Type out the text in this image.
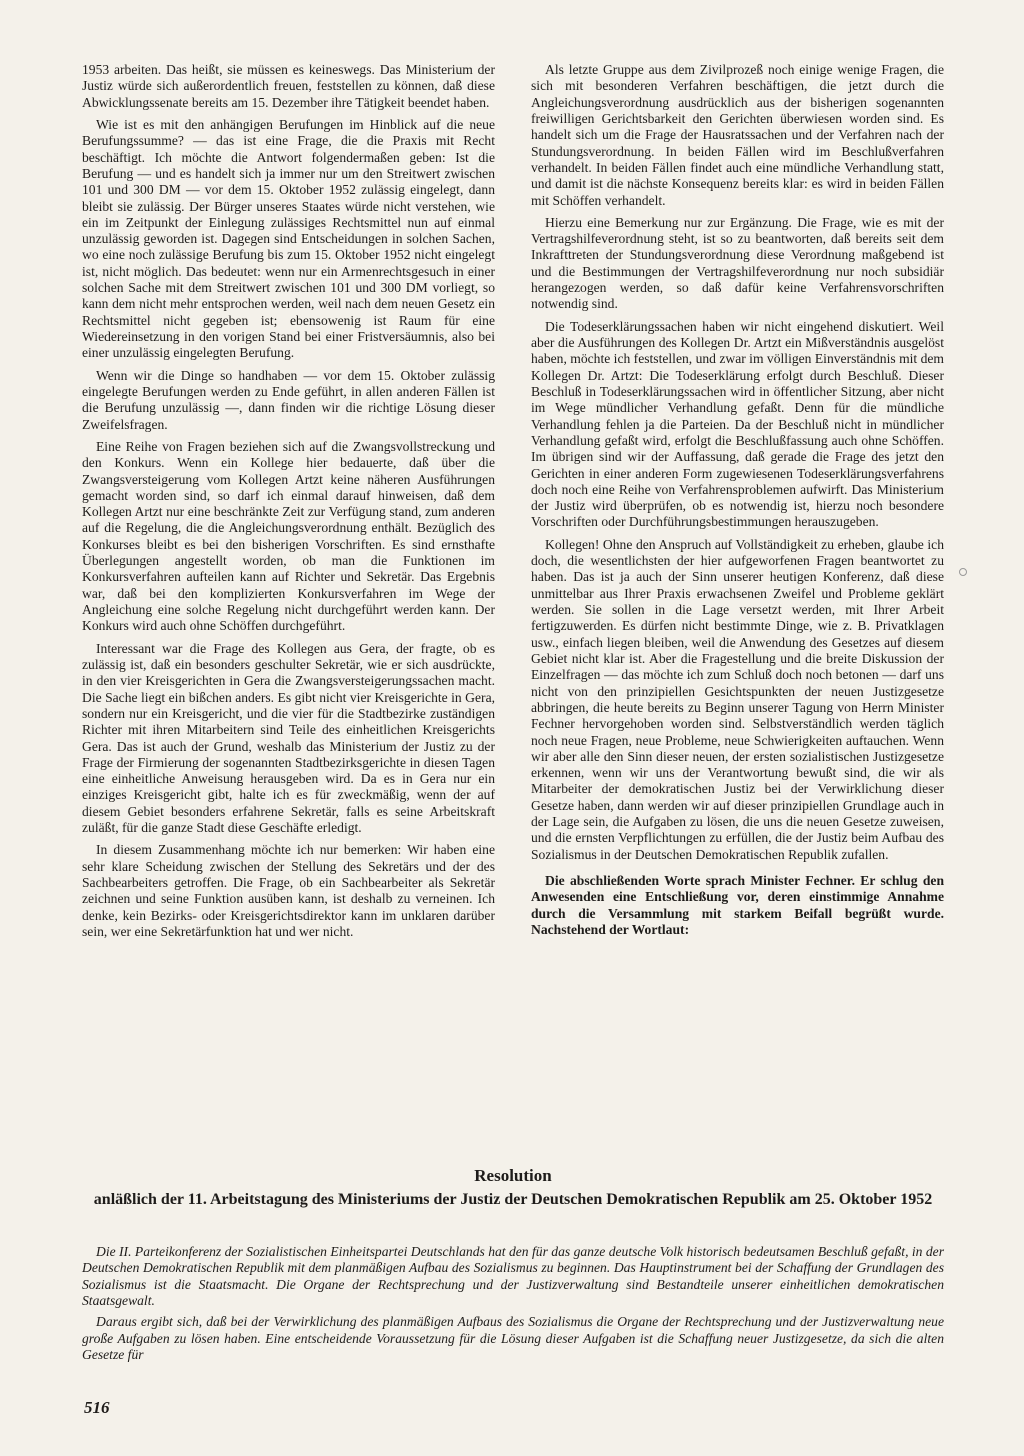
1953 arbeiten. Das heißt, sie müssen es keineswegs. Das Ministerium der Justiz würde sich außerordentlich freuen, feststellen zu können, daß diese Abwicklungssenate bereits am 15. Dezember ihre Tätigkeit beendet haben.

Wie ist es mit den anhängigen Berufungen im Hinblick auf die neue Berufungssumme? — das ist eine Frage, die die Praxis mit Recht beschäftigt. Ich möchte die Antwort folgendermaßen geben: Ist die Berufung — und es handelt sich ja immer nur um den Streitwert zwischen 101 und 300 DM — vor dem 15. Oktober 1952 zulässig eingelegt, dann bleibt sie zulässig. Der Bürger unseres Staates würde nicht verstehen, wie ein im Zeitpunkt der Einlegung zulässiges Rechtsmittel nun auf einmal unzulässig geworden ist. Dagegen sind Entscheidungen in solchen Sachen, wo eine noch zulässige Berufung bis zum 15. Oktober 1952 nicht eingelegt ist, nicht möglich. Das bedeutet: wenn nur ein Armenrechtsgesuch in einer solchen Sache mit dem Streitwert zwischen 101 und 300 DM vorliegt, so kann dem nicht mehr entsprochen werden, weil nach dem neuen Gesetz ein Rechtsmittel nicht gegeben ist; ebensowenig ist Raum für eine Wiedereinsetzung in den vorigen Stand bei einer Fristversäumnis, also bei einer unzulässig eingelegten Berufung.

Wenn wir die Dinge so handhaben — vor dem 15. Oktober zulässig eingelegte Berufungen werden zu Ende geführt, in allen anderen Fällen ist die Berufung unzulässig —, dann finden wir die richtige Lösung dieser Zweifelsfragen.

Eine Reihe von Fragen beziehen sich auf die Zwangsvollstreckung und den Konkurs. Wenn ein Kollege hier bedauerte, daß über die Zwangsversteigerung vom Kollegen Artzt keine näheren Ausführungen gemacht worden sind, so darf ich einmal darauf hinweisen, daß dem Kollegen Artzt nur eine beschränkte Zeit zur Verfügung stand, zum anderen auf die Regelung, die die Angleichungsverordnung enthält. Bezüglich des Konkurses bleibt es bei den bisherigen Vorschriften. Es sind ernsthafte Überlegungen angestellt worden, ob man die Funktionen im Konkursverfahren aufteilen kann auf Richter und Sekretär. Das Ergebnis war, daß bei den komplizierten Konkursverfahren im Wege der Angleichung eine solche Regelung nicht durchgeführt werden kann. Der Konkurs wird auch ohne Schöffen durchgeführt.

Interessant war die Frage des Kollegen aus Gera, der fragte, ob es zulässig ist, daß ein besonders geschulter Sekretär, wie er sich ausdrückte, in den vier Kreisgerichten in Gera die Zwangsversteigerungssachen macht. Die Sache liegt ein bißchen anders. Es gibt nicht vier Kreisgerichte in Gera, sondern nur ein Kreisgericht, und die vier für die Stadtbezirke zuständigen Richter mit ihren Mitarbeitern sind Teile des einheitlichen Kreisgerichts Gera. Das ist auch der Grund, weshalb das Ministerium der Justiz zu der Frage der Firmierung der sogenannten Stadtbezirksgerichte in diesen Tagen eine einheitliche Anweisung herausgeben wird. Da es in Gera nur ein einziges Kreisgericht gibt, halte ich es für zweckmäßig, wenn der auf diesem Gebiet besonders erfahrene Sekretär, falls es seine Arbeitskraft zuläßt, für die ganze Stadt diese Geschäfte erledigt.

In diesem Zusammenhang möchte ich nur bemerken: Wir haben eine sehr klare Scheidung zwischen der Stellung des Sekretärs und der des Sachbearbeiters getroffen. Die Frage, ob ein Sachbearbeiter als Sekretär zeichnen und seine Funktion ausüben kann, ist deshalb zu verneinen. Ich denke, kein Bezirks- oder Kreisgerichtsdirektor kann im unklaren darüber sein, wer eine Sekretärfunktion hat und wer nicht.

Als letzte Gruppe aus dem Zivilprozeß noch einige wenige Fragen, die sich mit besonderen Verfahren beschäftigen, die jetzt durch die Angleichungsverordnung ausdrücklich aus der bisherigen sogenannten freiwilligen Gerichtsbarkeit den Gerichten überwiesen worden sind. Es handelt sich um die Frage der Hausratssachen und der Verfahren nach der Stundungsverordnung. In beiden Fällen wird im Beschlußverfahren verhandelt. In beiden Fällen findet auch eine mündliche Verhandlung statt, und damit ist die nächste Konsequenz bereits klar: es wird in beiden Fällen mit Schöffen verhandelt.

Hierzu eine Bemerkung nur zur Ergänzung. Die Frage, wie es mit der Vertragshilfeverordnung steht, ist so zu beantworten, daß bereits seit dem Inkrafttreten der Stundungsverordnung diese Verordnung maßgebend ist und die Bestimmungen der Vertragshilfeverordnung nur noch subsidiär herangezogen werden, so daß dafür keine Verfahrensvorschriften notwendig sind.

Die Todeserklärungssachen haben wir nicht eingehend diskutiert. Weil aber die Ausführungen des Kollegen Dr. Artzt ein Mißverständnis ausgelöst haben, möchte ich feststellen, und zwar im völligen Einverständnis mit dem Kollegen Dr. Artzt: Die Todeserklärung erfolgt durch Beschluß. Dieser Beschluß in Todeserklärungssachen wird in öffentlicher Sitzung, aber nicht im Wege mündlicher Verhandlung gefaßt. Denn für die mündliche Verhandlung fehlen ja die Parteien. Da der Beschluß nicht in mündlicher Verhandlung gefaßt wird, erfolgt die Beschlußfassung auch ohne Schöffen. Im übrigen sind wir der Auffassung, daß gerade die Frage des jetzt den Gerichten in einer anderen Form zugewiesenen Todeserklärungsverfahrens doch noch eine Reihe von Verfahrensproblemen aufwirft. Das Ministerium der Justiz wird überprüfen, ob es notwendig ist, hierzu noch besondere Vorschriften oder Durchführungsbestimmungen herauszugeben.

Kollegen! Ohne den Anspruch auf Vollständigkeit zu erheben, glaube ich doch, die wesentlichsten der hier aufgeworfenen Fragen beantwortet zu haben. Das ist ja auch der Sinn unserer heutigen Konferenz, daß diese unmittelbar aus Ihrer Praxis erwachsenen Zweifel und Probleme geklärt werden. Sie sollen in die Lage versetzt werden, mit Ihrer Arbeit fertigzuwerden. Es dürfen nicht bestimmte Dinge, wie z. B. Privatklagen usw., einfach liegen bleiben, weil die Anwendung des Gesetzes auf diesem Gebiet nicht klar ist. Aber die Fragestellung und die breite Diskussion der Einzelfragen — das möchte ich zum Schluß doch noch betonen — darf uns nicht von den prinzipiellen Gesichtspunkten der neuen Justizgesetze abbringen, die heute bereits zu Beginn unserer Tagung von Herrn Minister Fechner hervorgehoben worden sind. Selbstverständlich werden täglich noch neue Fragen, neue Probleme, neue Schwierigkeiten auftauchen. Wenn wir aber alle den Sinn dieser neuen, der ersten sozialistischen Justizgesetze erkennen, wenn wir uns der Verantwortung bewußt sind, die wir als Mitarbeiter der demokratischen Justiz bei der Verwirklichung dieser Gesetze haben, dann werden wir auf dieser prinzipiellen Grundlage auch in der Lage sein, die Aufgaben zu lösen, die uns die neuen Gesetze zuweisen, und die ernsten Verpflichtungen zu erfüllen, die der Justiz beim Aufbau des Sozialismus in der Deutschen Demokratischen Republik zufallen.

Die abschließenden Worte sprach Minister Fechner. Er schlug den Anwesenden eine Entschließung vor, deren einstimmige Annahme durch die Versammlung mit starkem Beifall begrüßt wurde. Nachstehend der Wortlaut:

Resolution
anläßlich der 11. Arbeitstagung des Ministeriums der Justiz der Deutschen Demokratischen Republik am 25. Oktober 1952

Die II. Parteikonferenz der Sozialistischen Einheitspartei Deutschlands hat den für das ganze deutsche Volk historisch bedeutsamen Beschluß gefaßt, in der Deutschen Demokratischen Republik mit dem planmäßigen Aufbau des Sozialismus zu beginnen. Das Hauptinstrument bei der Schaffung der Grundlagen des Sozialismus ist die Staatsmacht. Die Organe der Rechtsprechung und der Justizverwaltung sind Bestandteile unserer einheitlichen demokratischen Staatsgewalt.

Daraus ergibt sich, daß bei der Verwirklichung des planmäßigen Aufbaus des Sozialismus die Organe der Rechtsprechung und der Justizverwaltung neue große Aufgaben zu lösen haben. Eine entscheidende Voraussetzung für die Lösung dieser Aufgaben ist die Schaffung neuer Justizgesetze, da sich die alten Gesetze für

516
